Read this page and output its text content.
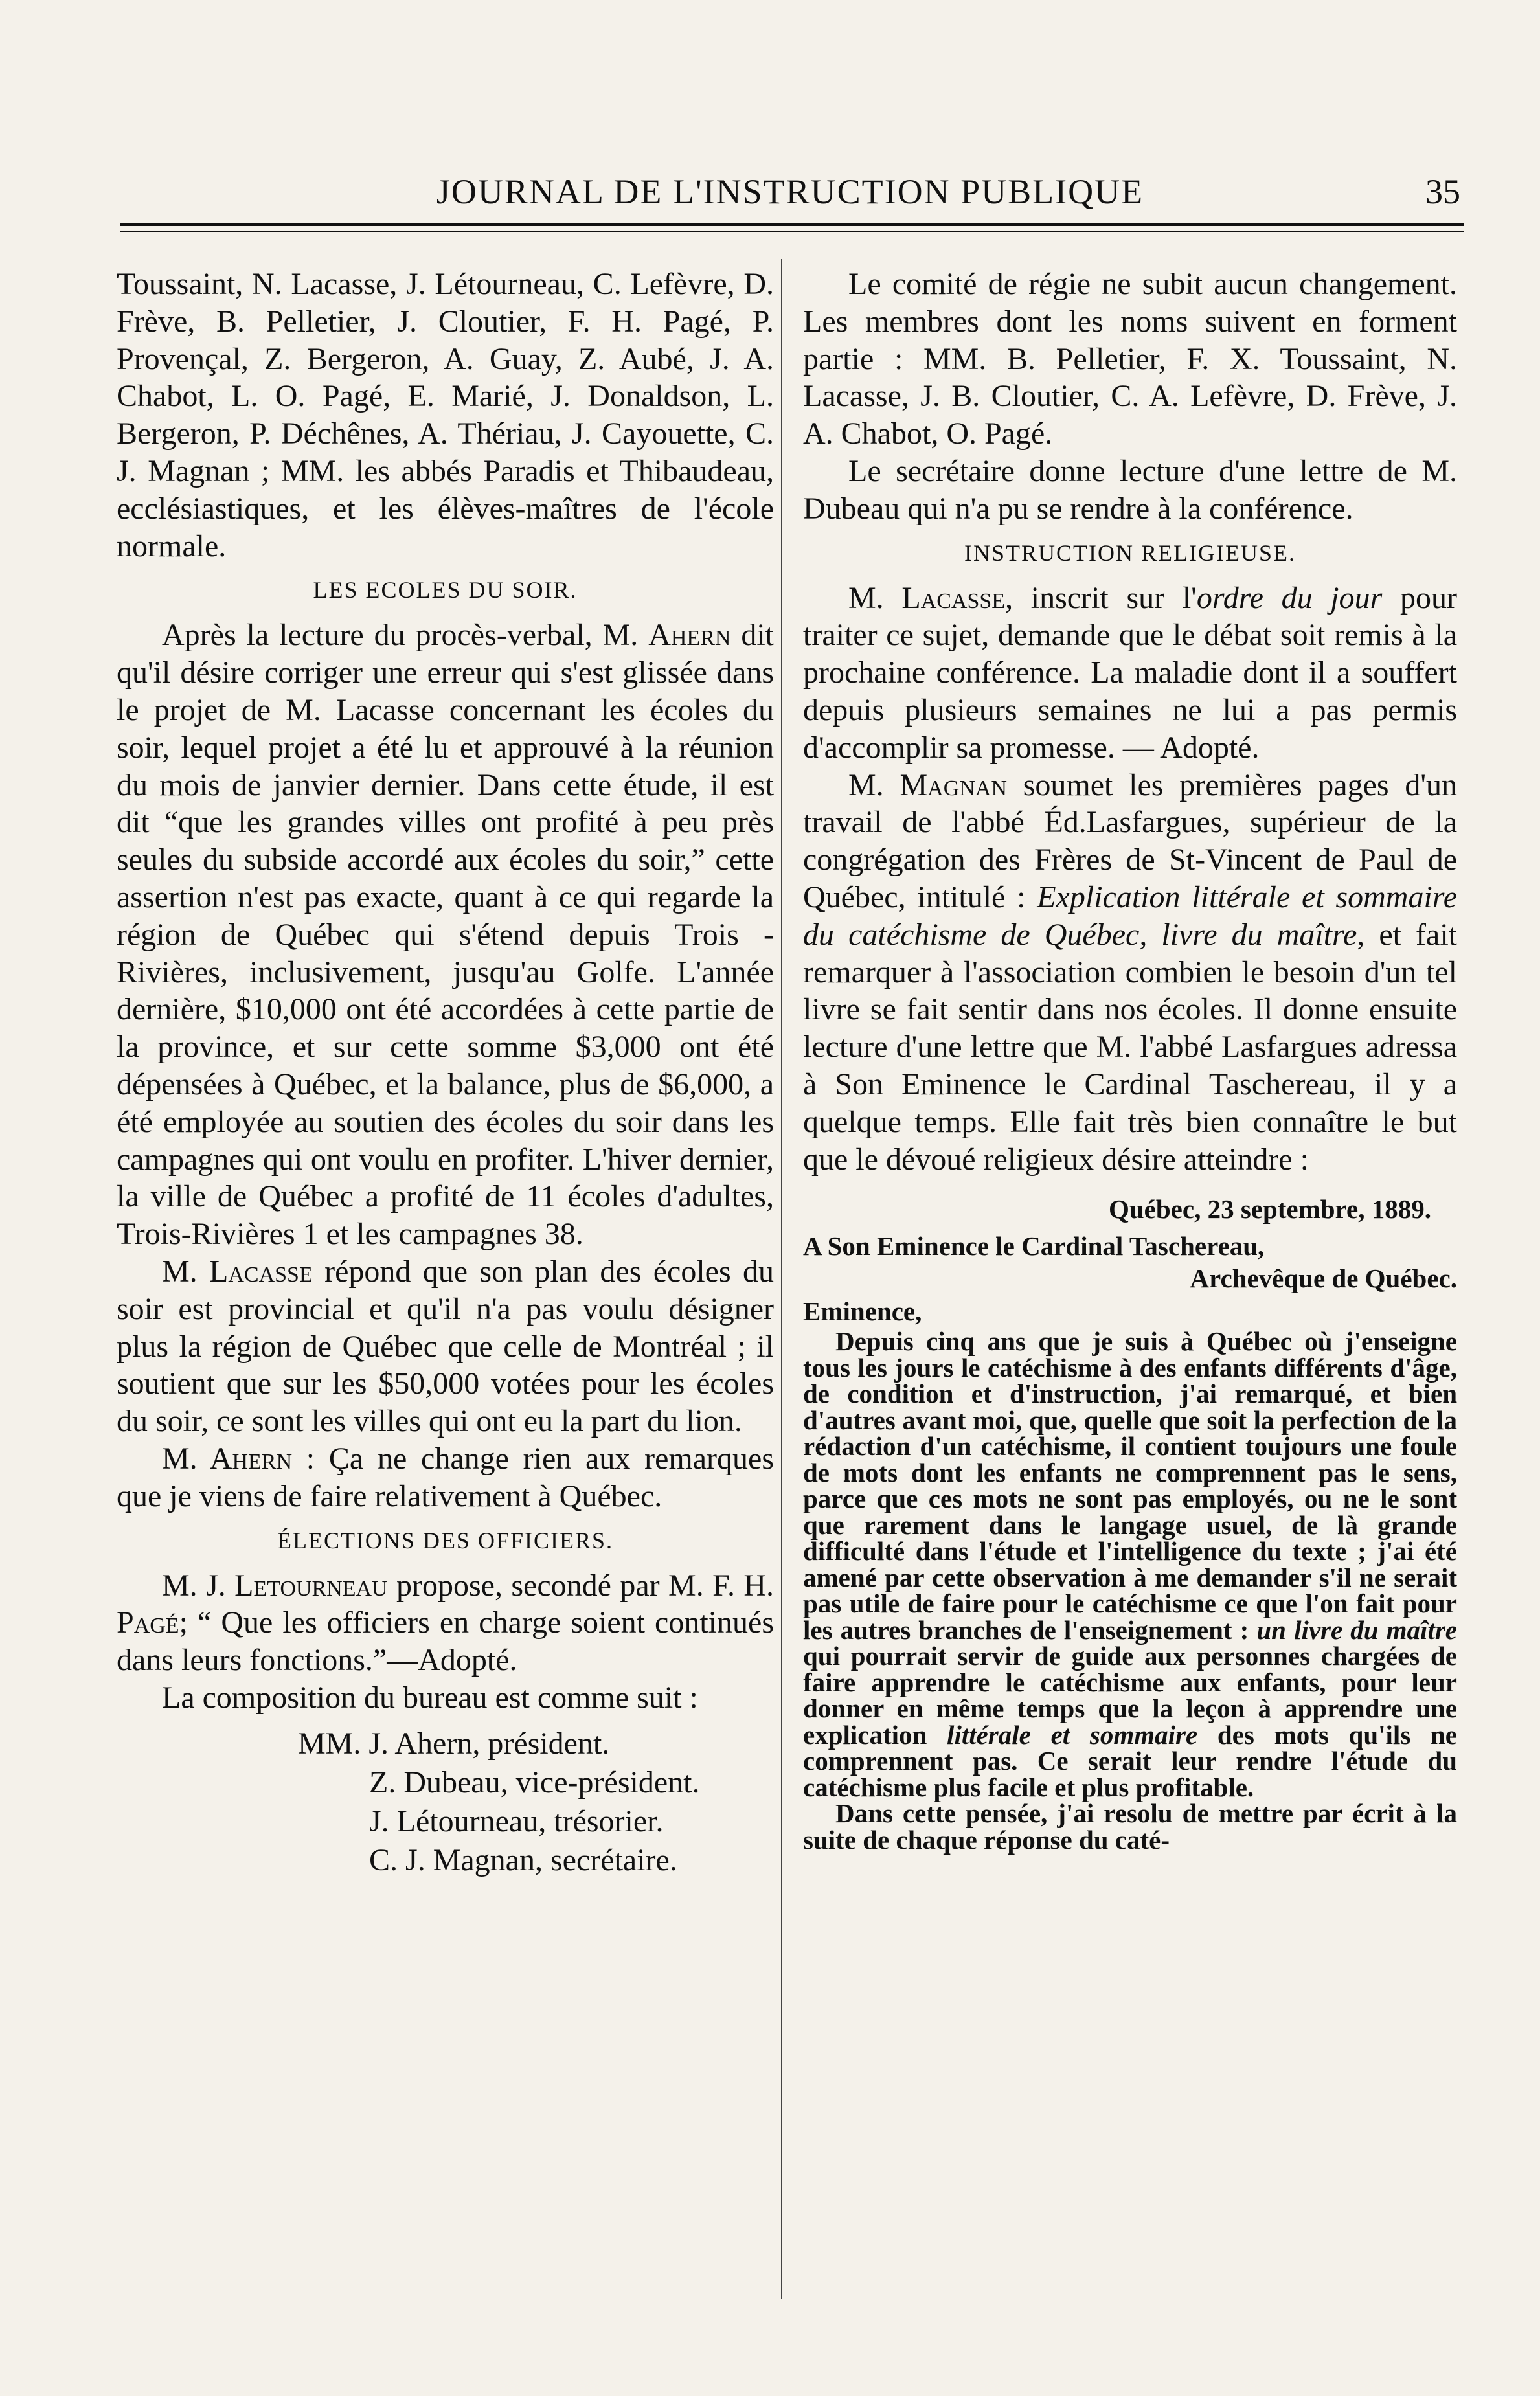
JOURNAL DE L'INSTRUCTION PUBLIQUE	35

Toussaint, N. Lacasse, J. Létourneau, C. Lefèvre, D. Frève, B. Pelletier, J. Cloutier, F. H. Pagé, P. Provençal, Z. Bergeron, A. Guay, Z. Aubé, J. A. Chabot, L. O. Pagé, E. Marié, J. Donaldson, L. Bergeron, P. Déchênes, A. Thériau, J. Cayouette, C. J. Magnan ; MM. les abbés Paradis et Thibaudeau, ecclésiastiques, et les élèves-maîtres de l'école normale.

LES ECOLES DU SOIR.

Après la lecture du procès-verbal, M. Ahern dit qu'il désire corriger une erreur qui s'est glissée dans le projet de M. Lacasse concernant les écoles du soir, lequel projet a été lu et approuvé à la réunion du mois de janvier dernier. Dans cette étude, il est dit “que les grandes villes ont profité à peu près seules du subside accordé aux écoles du soir,” cette assertion n'est pas exacte, quant à ce qui regarde la région de Québec qui s'étend depuis Trois - Rivières, inclusivement, jusqu'au Golfe. L'année dernière, $10,000 ont été accordées à cette partie de la province, et sur cette somme $3,000 ont été dépensées à Québec, et la balance, plus de $6,000, a été employée au soutien des écoles du soir dans les campagnes qui ont voulu en profiter. L'hiver dernier, la ville de Québec a profité de 11 écoles d'adultes, Trois-Rivières 1 et les campagnes 38.

M. Lacasse répond que son plan des écoles du soir est provincial et qu'il n'a pas voulu désigner plus la région de Québec que celle de Montréal ; il soutient que sur les $50,000 votées pour les écoles du soir, ce sont les villes qui ont eu la part du lion.

M. Ahern : Ça ne change rien aux remarques que je viens de faire relativement à Québec.

ÉLECTIONS DES OFFICIERS.

M. J. Letourneau propose, secondé par M. F. H. Pagé; “ Que les officiers en charge soient continués dans leurs fonctions.”—Adopté.

La composition du bureau est comme suit :

MM. J. Ahern, président.
Z. Dubeau, vice-président.
J. Létourneau, trésorier.
C. J. Magnan, secrétaire.

Le comité de régie ne subit aucun changement. Les membres dont les noms suivent en forment partie : MM. B. Pelletier, F. X. Toussaint, N. Lacasse, J. B. Cloutier, C. A. Lefèvre, D. Frève, J. A. Chabot, O. Pagé.

Le secrétaire donne lecture d'une lettre de M. Dubeau qui n'a pu se rendre à la conférence.

INSTRUCTION RELIGIEUSE.

M. Lacasse, inscrit sur l'ordre du jour pour traiter ce sujet, demande que le débat soit remis à la prochaine conférence. La maladie dont il a souffert depuis plusieurs semaines ne lui a pas permis d'accomplir sa promesse. — Adopté.

M. Magnan soumet les premières pages d'un travail de l'abbé Éd.Lasfargues, supérieur de la congrégation des Frères de St-Vincent de Paul de Québec, intitulé : Explication littérale et sommaire du catéchisme de Québec, livre du maître, et fait remarquer à l'association combien le besoin d'un tel livre se fait sentir dans nos écoles. Il donne ensuite lecture d'une lettre que M. l'abbé Lasfargues adressa à Son Eminence le Cardinal Taschereau, il y a quelque temps. Elle fait très bien connaître le but que le dévoué religieux désire atteindre :

Québec, 23 septembre, 1889.

A Son Eminence le Cardinal Taschereau,

Archevêque de Québec.

Eminence,

Depuis cinq ans que je suis à Québec où j'enseigne tous les jours le catéchisme à des enfants différents d'âge, de condition et d'instruction, j'ai remarqué, et bien d'autres avant moi, que, quelle que soit la perfection de la rédaction d'un catéchisme, il contient toujours une foule de mots dont les enfants ne comprennent pas le sens, parce que ces mots ne sont pas employés, ou ne le sont que rarement dans le langage usuel, de là grande difficulté dans l'étude et l'intelligence du texte ; j'ai été amené par cette observation à me demander s'il ne serait pas utile de faire pour le catéchisme ce que l'on fait pour les autres branches de l'enseignement : un livre du maître qui pourrait servir de guide aux personnes chargées de faire apprendre le catéchisme aux enfants, pour leur donner en même temps que la leçon à apprendre une explication littérale et sommaire des mots qu'ils ne comprennent pas. Ce serait leur rendre l'étude du catéchisme plus facile et plus profitable.

Dans cette pensée, j'ai resolu de mettre par écrit à la suite de chaque réponse du caté-
